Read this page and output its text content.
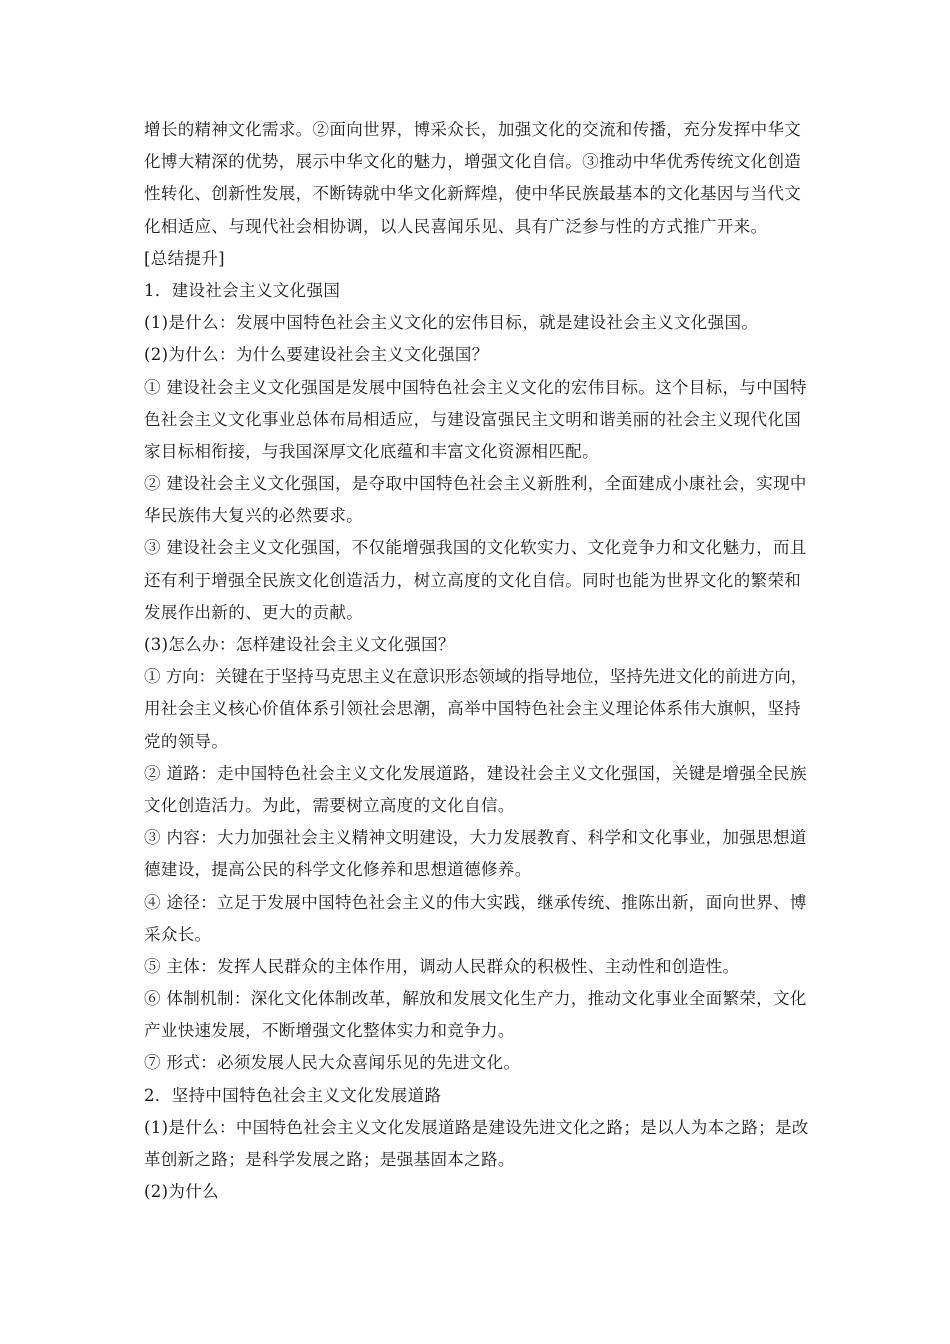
增长的精神文化需求。②面向世界，博采众长，加强文化的交流和传播，充分发挥中华文
化博大精深的优势，展示中华文化的魅力，增强文化自信。③推动中华优秀传统文化创造
性转化、创新性发展，不断铸就中华文化新辉煌，使中华民族最基本的文化基因与当代文
化相适应、与现代社会相协调，以人民喜闻乐见、具有广泛参与性的方式推广开来。
[总结提升]
1．建设社会主义文化强国
(1)是什么：发展中国特色社会主义文化的宏伟目标，就是建设社会主义文化强国。
(2)为什么：为什么要建设社会主义文化强国？
① 建设社会主义文化强国是发展中国特色社会主义文化的宏伟目标。这个目标，与中国特
色社会主义文化事业总体布局相适应，与建设富强民主文明和谐美丽的社会主义现代化国
家目标相衔接，与我国深厚文化底蕴和丰富文化资源相匹配。
② 建设社会主义文化强国，是夺取中国特色社会主义新胜利，全面建成小康社会，实现中
华民族伟大复兴的必然要求。
③ 建设社会主义文化强国，不仅能增强我国的文化软实力、文化竞争力和文化魅力，而且
还有利于增强全民族文化创造活力，树立高度的文化自信。同时也能为世界文化的繁荣和
发展作出新的、更大的贡献。
(3)怎么办：怎样建设社会主义文化强国？
① 方向：关键在于坚持马克思主义在意识形态领域的指导地位，坚持先进文化的前进方向，
用社会主义核心价值体系引领社会思潮，高举中国特色社会主义理论体系伟大旗帜，坚持
党的领导。
② 道路：走中国特色社会主义文化发展道路，建设社会主义文化强国，关键是增强全民族
文化创造活力。为此，需要树立高度的文化自信。
③ 内容：大力加强社会主义精神文明建设，大力发展教育、科学和文化事业，加强思想道
德建设，提高公民的科学文化修养和思想道德修养。
④ 途径：立足于发展中国特色社会主义的伟大实践，继承传统、推陈出新，面向世界、博
采众长。
⑤ 主体：发挥人民群众的主体作用，调动人民群众的积极性、主动性和创造性。
⑥ 体制机制：深化文化体制改革，解放和发展文化生产力，推动文化事业全面繁荣，文化
产业快速发展，不断增强文化整体实力和竞争力。
⑦ 形式：必须发展人民大众喜闻乐见的先进文化。
2．坚持中国特色社会主义文化发展道路
(1)是什么：中国特色社会主义文化发展道路是建设先进文化之路；是以人为本之路；是改
革创新之路；是科学发展之路；是强基固本之路。
(2)为什么
